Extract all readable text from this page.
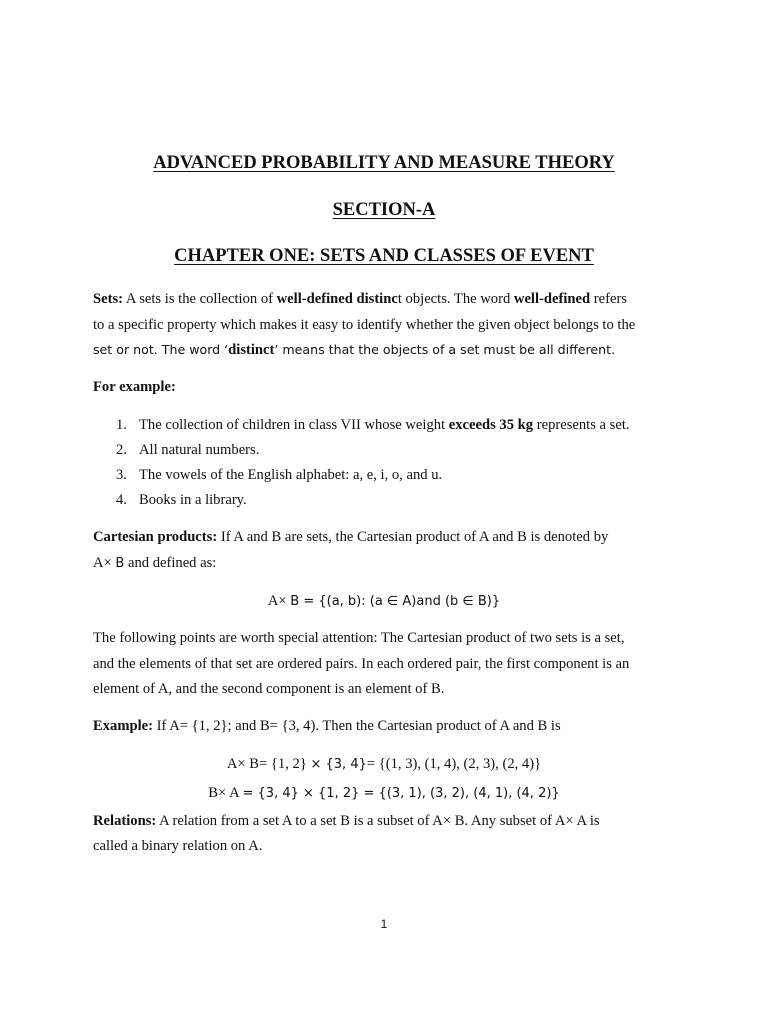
ADVANCED PROBABILITY AND MEASURE THEORY
SECTION-A
CHAPTER ONE: SETS AND CLASSES OF EVENT
Sets: A sets is the collection of well-defined distinct objects. The word well-defined refers
to a specific property which makes it easy to identify whether the given object belongs to the
set or not. The word ‘distinct’ means that the objects of a set must be all different.
For example:
1. The collection of children in class VII whose weight exceeds 35 kg represents a set.
2. All natural numbers.
3. The vowels of the English alphabet: a, e, i, o, and u.
4. Books in a library.
Cartesian products: If A and B are sets, the Cartesian product of A and B is denoted by
A× B and defined as:
A× B = {(a, b): (a ∈ A)and (b ∈ B)}
The following points are worth special attention: The Cartesian product of two sets is a set,
and the elements of that set are ordered pairs. In each ordered pair, the first component is an
element of A, and the second component is an element of B.
Example: If A= {1, 2}; and B= {3, 4). Then the Cartesian product of A and B is
A× B= {1, 2} × {3, 4}= {(1, 3), (1, 4), (2, 3), (2, 4)}
B× A = {3, 4} × {1, 2} = {(3, 1), (3, 2), (4, 1), (4, 2)}
Relations: A relation from a set A to a set B is a subset of A× B. Any subset of A× A is
called a binary relation on A.
1
